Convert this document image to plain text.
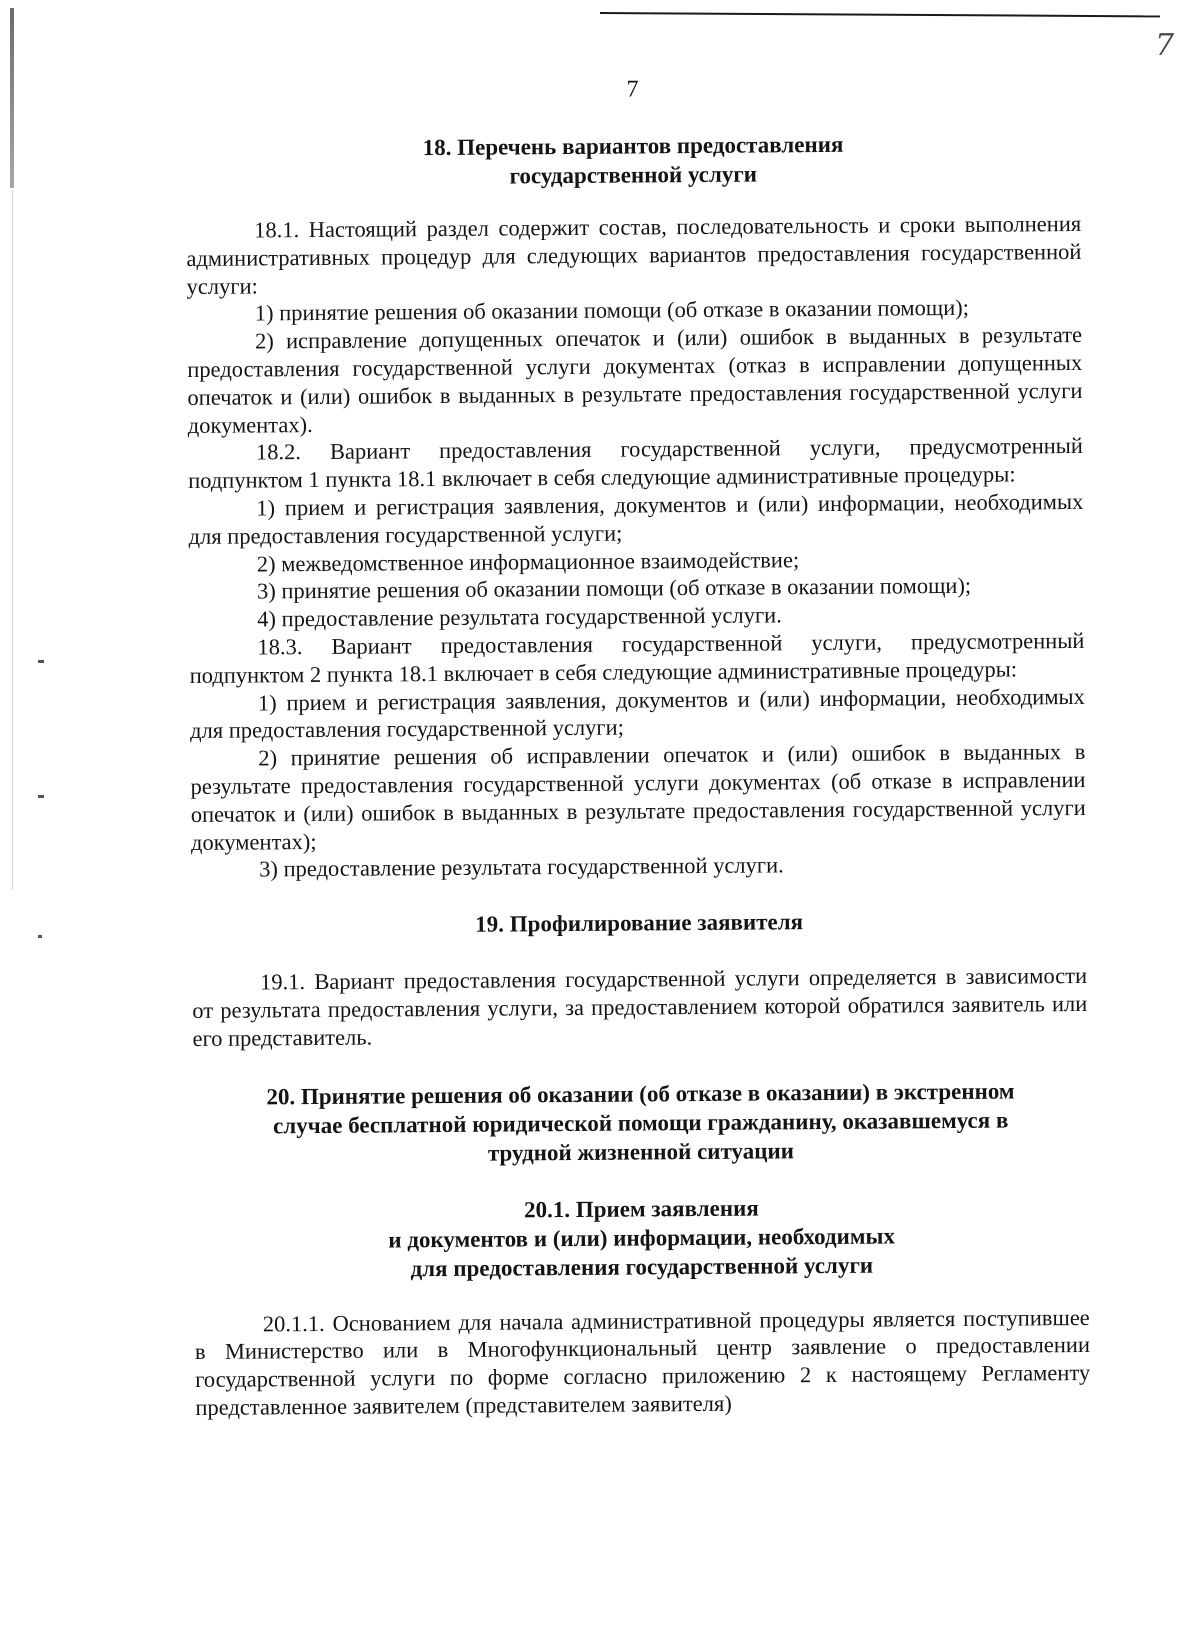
7
7
18. Перечень вариантов предоставления
государственной услуги

18.1. Настоящий раздел содержит состав, последовательность и сроки выполнения административных процедур для следующих вариантов предоставления государственной услуги:

1) принятие решения об оказании помощи (об отказе в оказании помощи);

2) исправление допущенных опечаток и (или) ошибок в выданных в результате предоставления государственной услуги документах (отказ в исправлении допущенных опечаток и (или) ошибок в выданных в результате предоставления государственной услуги документах).

18.2. Вариант предоставления государственной услуги, предусмотренный подпунктом 1 пункта 18.1 включает в себя следующие административные процедуры:

1) прием и регистрация заявления, документов и (или) информации, необходимых для предоставления государственной услуги;

2) межведомственное информационное взаимодействие;

3) принятие решения об оказании помощи (об отказе в оказании помощи);

4) предоставление результата государственной услуги.

18.3. Вариант предоставления государственной услуги, предусмотренный подпунктом 2 пункта 18.1 включает в себя следующие административные процедуры:

1) прием и регистрация заявления, документов и (или) информации, необходимых для предоставления государственной услуги;

2) принятие решения об исправлении опечаток и (или) ошибок в выданных в результате предоставления государственной услуги документах (об отказе в исправлении опечаток и (или) ошибок в выданных в результате предоставления государственной услуги документах);

3) предоставление результата государственной услуги.

19. Профилирование заявителя

19.1. Вариант предоставления государственной услуги определяется в зависимости от результата предоставления услуги, за предоставлением которой обратился заявитель или его представитель.

20. Принятие решения об оказании (об отказе в оказании) в экстренном
случае бесплатной юридической помощи гражданину, оказавшемуся в
трудной жизненной ситуации
20.1. Прием заявления
и документов и (или) информации, необходимых
для предоставления государственной услуги

20.1.1. Основанием для начала административной процедуры является поступившее в Министерство или в Многофункциональный центр заявление о предоставлении государственной услуги по форме согласно приложению 2 к настоящему Регламенту представленное заявителем (представителем заявителя)
